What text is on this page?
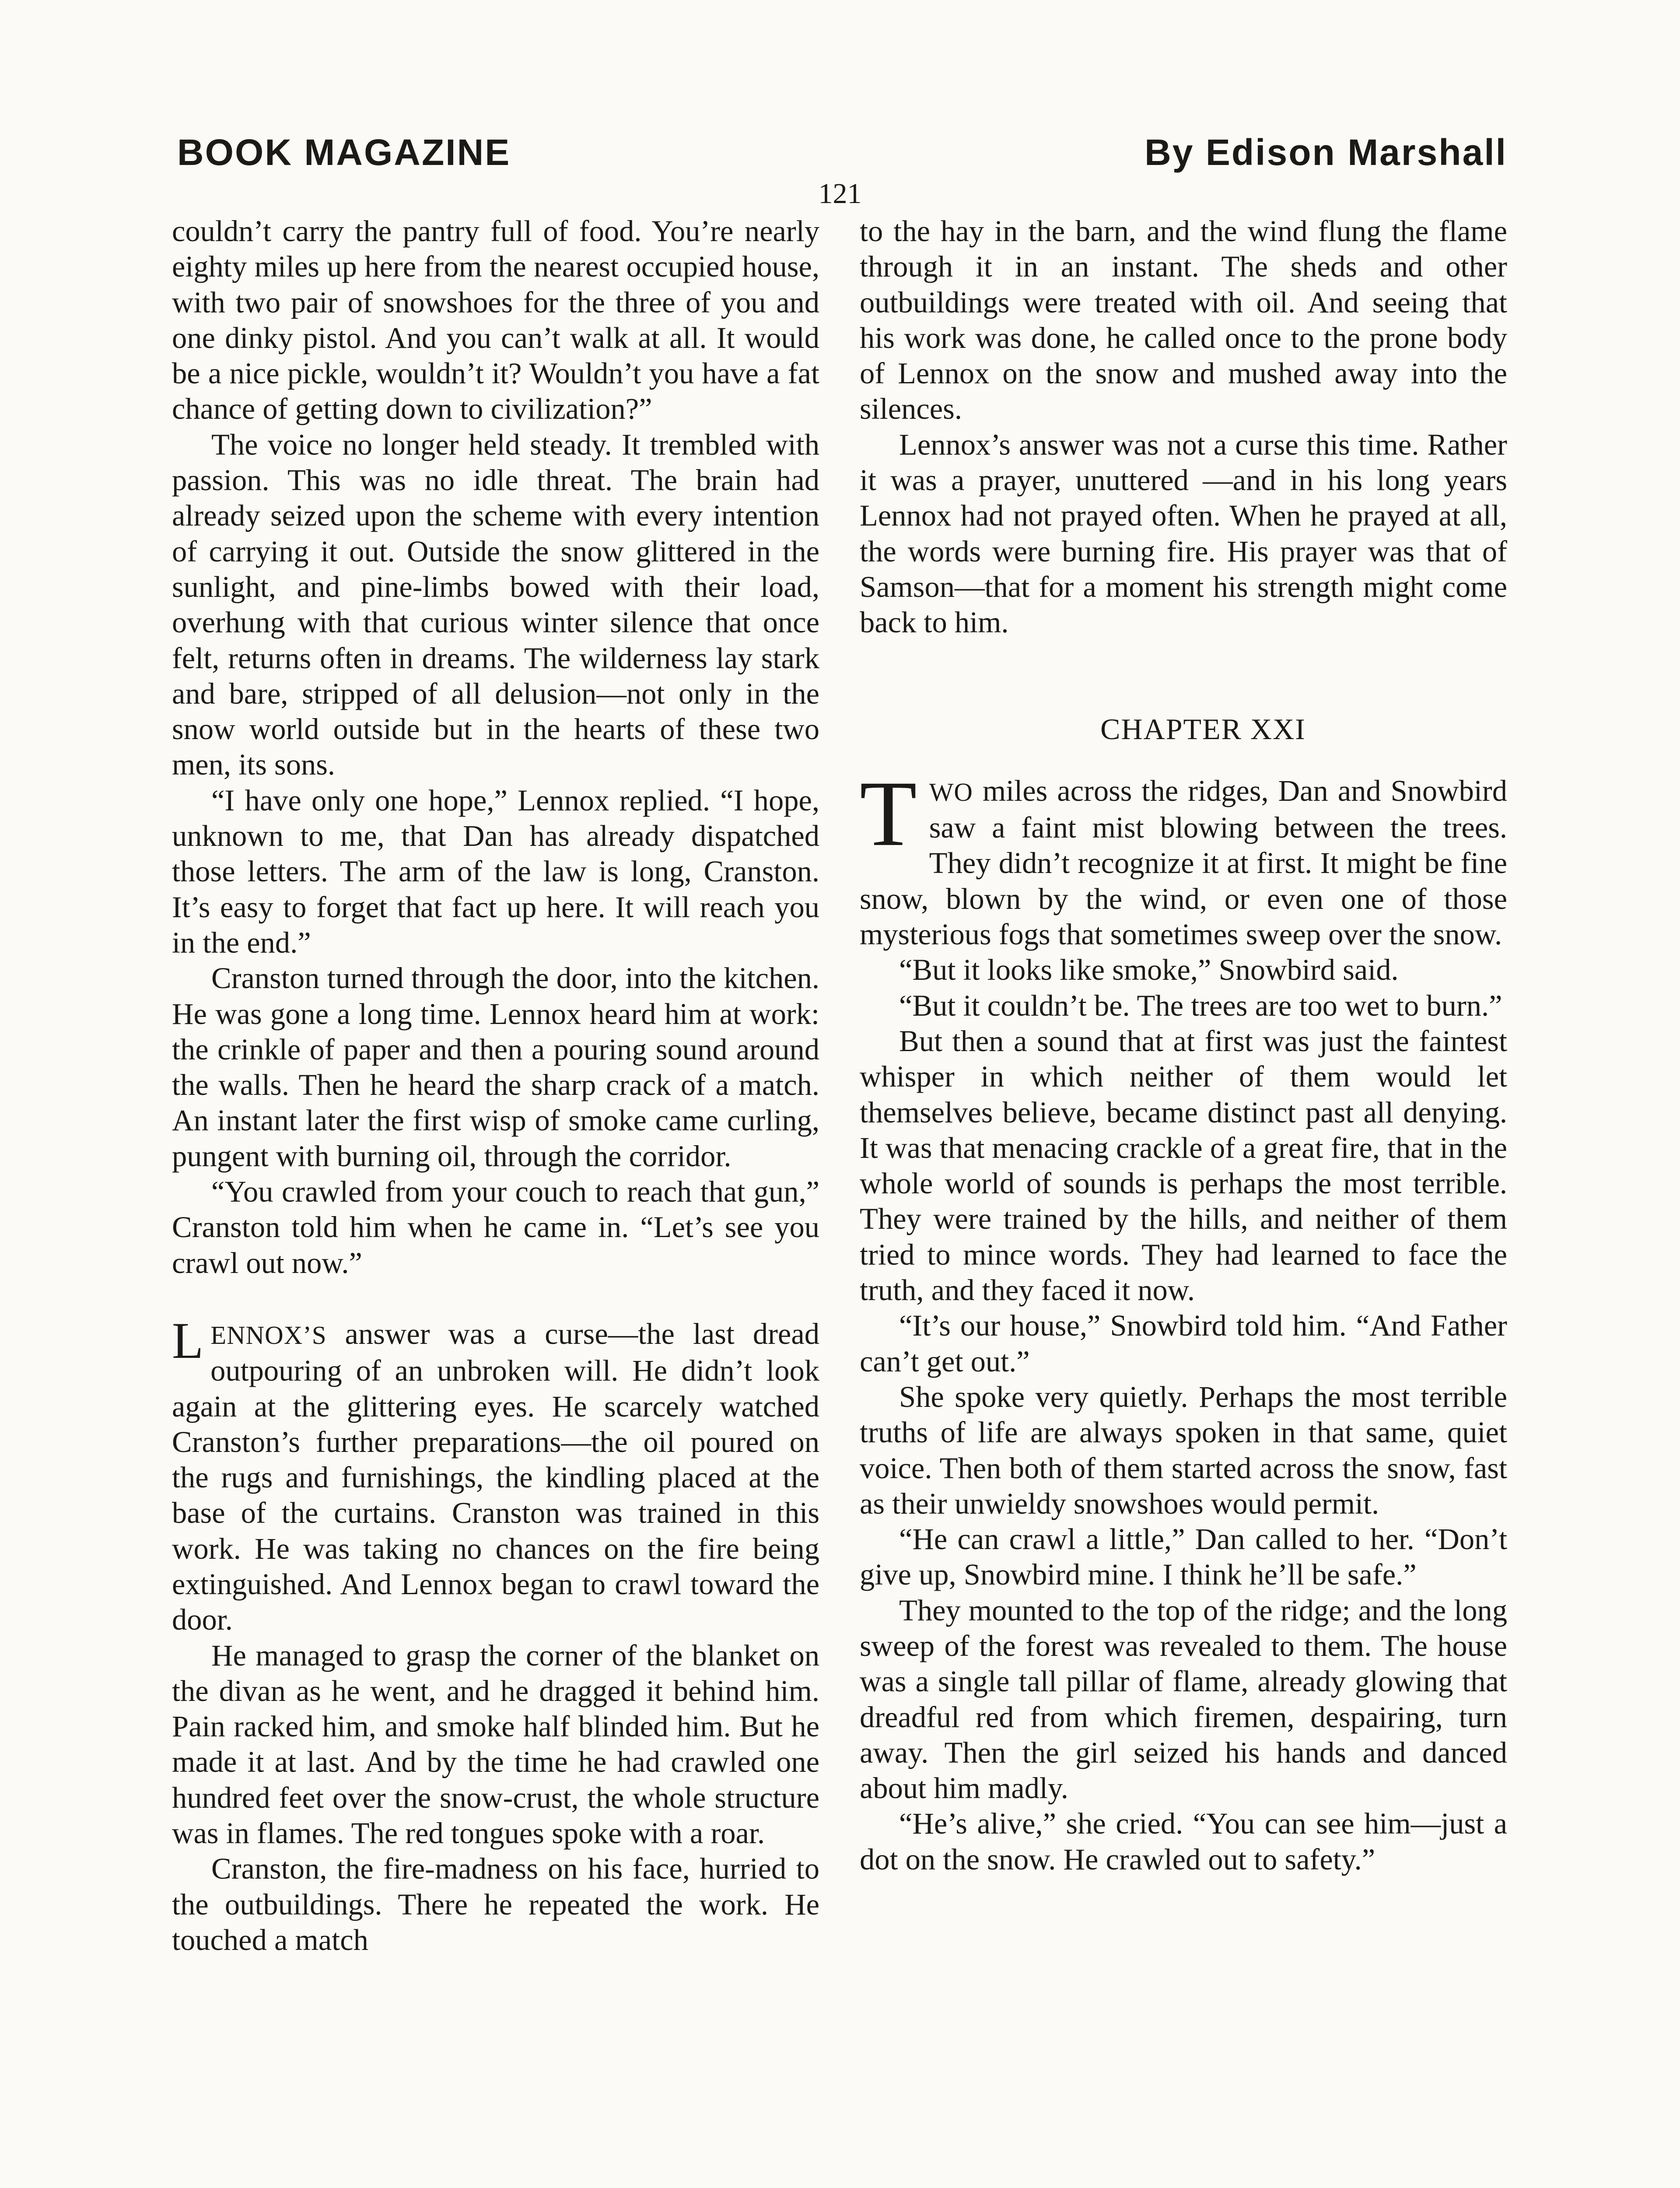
BOOK MAGAZINE	By Edison Marshall
121

couldn’t carry the pantry full of food. You’re nearly eighty miles up here from the nearest occupied house, with two pair of snowshoes for the three of you and one dinky pistol. And you can’t walk at all. It would be a nice pickle, wouldn’t it? Wouldn’t you have a fat chance of getting down to civilization?”

The voice no longer held steady. It trembled with passion. This was no idle threat. The brain had already seized upon the scheme with every intention of carrying it out. Outside the snow glittered in the sunlight, and pine-limbs bowed with their load, overhung with that curious winter silence that once felt, returns often in dreams. The wilderness lay stark and bare, stripped of all delusion—not only in the snow world outside but in the hearts of these two men, its sons.

“I have only one hope,” Lennox replied. “I hope, unknown to me, that Dan has already dispatched those letters. The arm of the law is long, Cranston. It’s easy to forget that fact up here. It will reach you in the end.”

Cranston turned through the door, into the kitchen. He was gone a long time. Lennox heard him at work: the crinkle of paper and then a pouring sound around the walls. Then he heard the sharp crack of a match. An instant later the first wisp of smoke came curling, pungent with burning oil, through the corridor.

“You crawled from your couch to reach that gun,” Cranston told him when he came in. “Let’s see you crawl out now.”

LENNOX’S answer was a curse—the last dread outpouring of an unbroken will. He didn’t look again at the glittering eyes. He scarcely watched Cranston’s further preparations—the oil poured on the rugs and furnishings, the kindling placed at the base of the curtains. Cranston was trained in this work. He was taking no chances on the fire being extinguished. And Lennox began to crawl toward the door.

He managed to grasp the corner of the blanket on the divan as he went, and he dragged it behind him. Pain racked him, and smoke half blinded him. But he made it at last. And by the time he had crawled one hundred feet over the snow-crust, the whole structure was in flames. The red tongues spoke with a roar.

Cranston, the fire-madness on his face, hurried to the outbuildings. There he repeated the work. He touched a match

to the hay in the barn, and the wind flung the flame through it in an instant. The sheds and other outbuildings were treated with oil. And seeing that his work was done, he called once to the prone body of Lennox on the snow and mushed away into the silences.

Lennox’s answer was not a curse this time. Rather it was a prayer, unuttered —and in his long years Lennox had not prayed often. When he prayed at all, the words were burning fire. His prayer was that of Samson—that for a moment his strength might come back to him.

CHAPTER XXI

TWO miles across the ridges, Dan and Snowbird saw a faint mist blowing between the trees. They didn’t recognize it at first. It might be fine snow, blown by the wind, or even one of those mysterious fogs that sometimes sweep over the snow.

“But it looks like smoke,” Snowbird said.

“But it couldn’t be. The trees are too wet to burn.”

But then a sound that at first was just the faintest whisper in which neither of them would let themselves believe, became distinct past all denying. It was that menacing crackle of a great fire, that in the whole world of sounds is perhaps the most terrible. They were trained by the hills, and neither of them tried to mince words. They had learned to face the truth, and they faced it now.

“It’s our house,” Snowbird told him. “And Father can’t get out.”

She spoke very quietly. Perhaps the most terrible truths of life are always spoken in that same, quiet voice. Then both of them started across the snow, fast as their unwieldy snowshoes would permit.

“He can crawl a little,” Dan called to her. “Don’t give up, Snowbird mine. I think he’ll be safe.”

They mounted to the top of the ridge; and the long sweep of the forest was revealed to them. The house was a single tall pillar of flame, already glowing that dreadful red from which firemen, despairing, turn away. Then the girl seized his hands and danced about him madly.

“He’s alive,” she cried. “You can see him—just a dot on the snow. He crawled out to safety.”
